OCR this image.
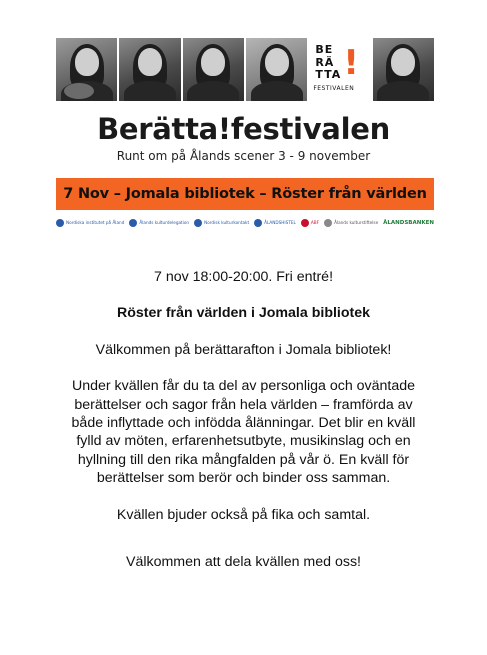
BE
RÄ
TTA !
FESTIVALEN
Berätta!festivalen
Runt om på Ålands scener 3 - 9 november
7 Nov – Jomala bibliotek – Röster från världen
Nordiska institutet på Åland	Ålands kulturdelegation	Nordisk kulturkontakt	ÅLANDSHISTEL	ABF	Ålands kulturstiftelse ÅLANDSBANKEN

7 nov 18:00-20:00. Fri entré!

Röster från världen i Jomala bibliotek

Välkommen på berättarafton i Jomala bibliotek!

Under kvällen får du ta del av personliga och oväntade

berättelser och sagor från hela världen – framförda av

både inflyttade och infödda ålänningar. Det blir en kväll

fylld av möten, erfarenhetsutbyte, musikinslag och en

hyllning till den rika mångfalden på vår ö. En kväll för

berättelser som berör och binder oss samman.

Kvällen bjuder också på fika och samtal.

Välkommen att dela kvällen med oss!
